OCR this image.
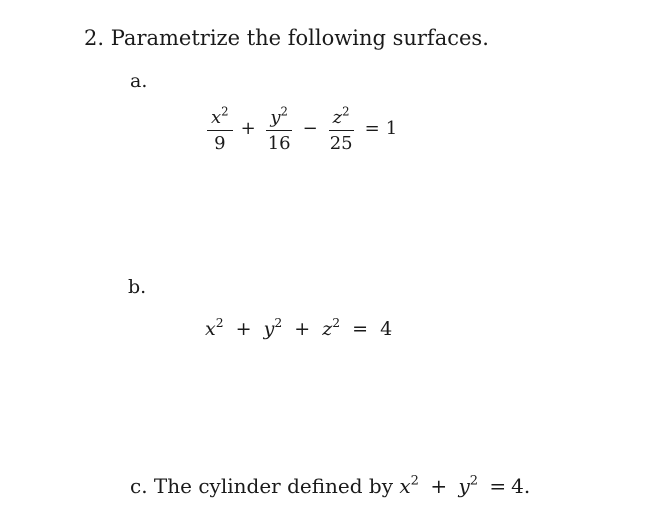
2. Parametrize the following surfaces.
a.
$\frac{x^2}{9} + \frac{y^2}{16} - \frac{z^2}{25} = 1$
b.
$x^2 + y^2 + z^2 = 4$
c. The cylinder defined by $x^2 + y^2 = 4$.
